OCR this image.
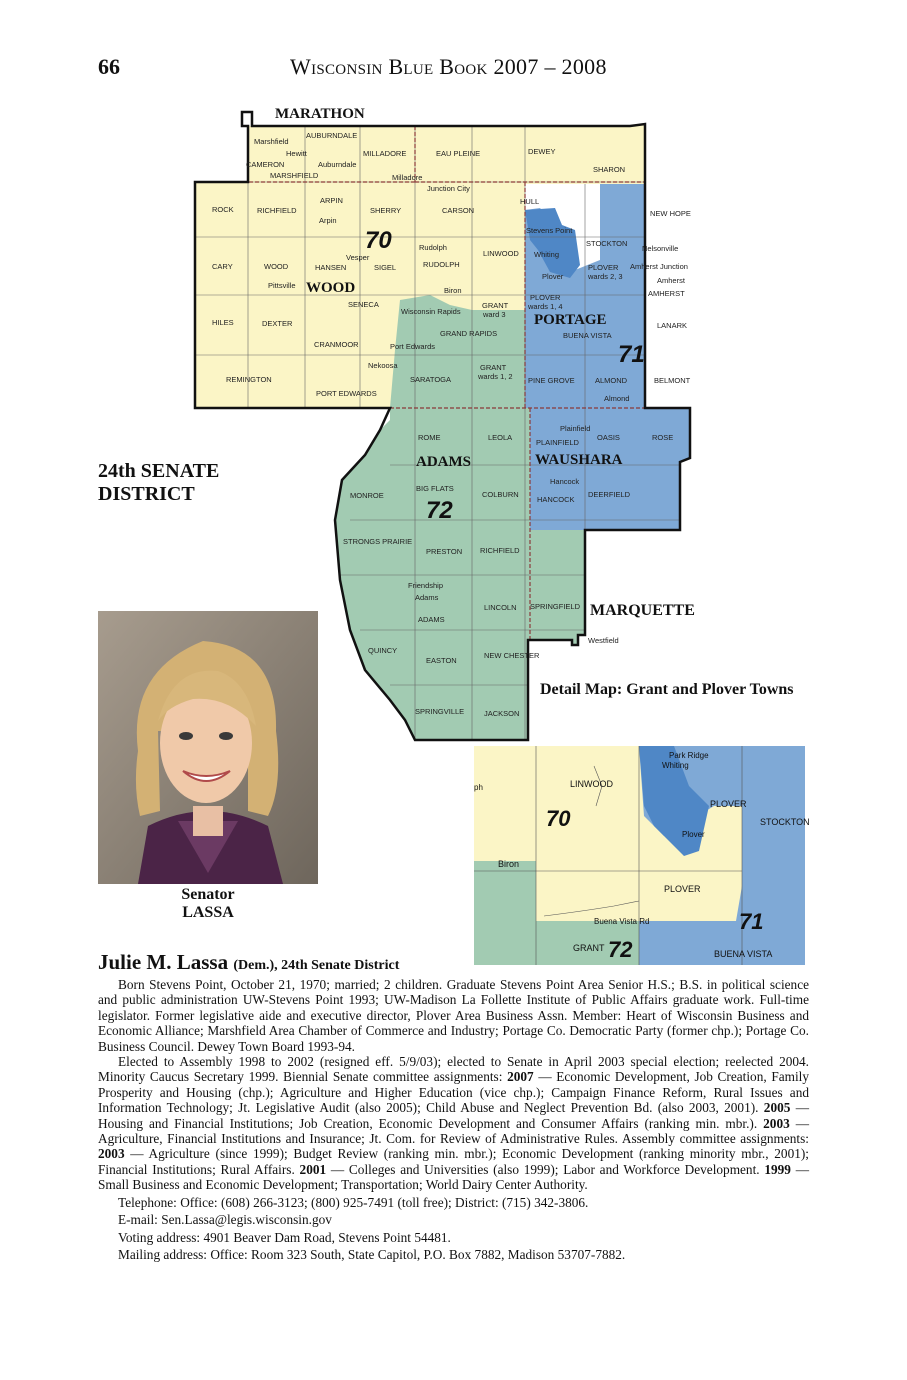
66	Wisconsin Blue Book 2007 – 2008
24th SENATE
DISTRICT
MARATHON
WOOD
PORTAGE
ADAMS	WAUSHARA
70
71
72
Marshfield
AUBURNDALE
Hewitt
CAMERON	Auburndale
MARSHFIELD
MILLADORE
Milladore
EAU PLEINE	DEWEY
SHARON
Junction City
ROCK	RICHFIELD
ARPIN
Arpin
SHERRY	CARSON
HULL
NEW HOPE
Stevens Point
CARY	WOOD	HANSEN
Vesper
SIGEL
Rudolph
RUDOLPH
LINWOOD Whiting
STOCKTON
Nelsonville
PLOVER
wards 2, 3
Amherst Junction
Pittsville
Biron
Plover	Amherst
AMHERST
SENECA	GRANT
ward 3
PLOVER
wards 1, 4
HILES	DEXTER
Wisconsin Rapids
GRAND RAPIDS	BUENA VISTA
LANARK
CRANMOOR	Port Edwards
Nekoosa	GRANT
wards 1, 2
REMINGTON	SARATOGA	PINE GROVE	ALMOND	BELMONT
PORT EDWARDS
Almond
Plainfield
ROME	LEOLA
PLAINFIELD
OASIS	ROSE
MONROE
BIG FLATS
COLBURN
Hancock
HANCOCK
DEERFIELD
STRONGS PRAIRIE
PRESTON RICHFIELD
Friendship
Adams
LINCOLN SPRINGFIELD
ADAMS
Westfield
QUINCY
EASTON
NEW CHESTER
SPRINGVILLE	JACKSON
MARQUETTE
Senator
LASSA
Detail Map: Grant and Plover Towns
LINWOOD
PLOVER
PLOVER
Plover
Whiting
Park Ridge
STOCKTON
Biron
GRANT
BUENA VISTA
Buena Vista Rd
ph
70
71
72
Julie M. Lassa (Dem.), 24th Senate District

Born Stevens Point, October 21, 1970; married; 2 children. Graduate Stevens Point Area Senior H.S.; B.S. in political science and public administration UW-Stevens Point 1993; UW-Madison La Follette Institute of Public Affairs graduate work. Full-time legislator. Former legislative aide and executive director, Plover Area Business Assn. Member: Heart of Wisconsin Business and Economic Alliance; Marshfield Area Chamber of Commerce and Industry; Portage Co. Democratic Party (former chp.); Portage Co. Business Council. Dewey Town Board 1993-94.

Elected to Assembly 1998 to 2002 (resigned eff. 5/9/03); elected to Senate in April 2003 special election; reelected 2004. Minority Caucus Secretary 1999. Biennial Senate committee assignments: 2007 — Economic Development, Job Creation, Family Prosperity and Housing (chp.); Agriculture and Higher Education (vice chp.); Campaign Finance Reform, Rural Issues and Information Technology; Jt. Legislative Audit (also 2005); Child Abuse and Neglect Prevention Bd. (also 2003, 2001). 2005 — Housing and Financial Institutions; Job Creation, Economic Development and Consumer Affairs (ranking min. mbr.). 2003 — Agriculture, Financial Institutions and Insurance; Jt. Com. for Review of Administrative Rules. Assembly committee assignments: 2003 — Agriculture (since 1999); Budget Review (ranking min. mbr.); Economic Development (ranking minority mbr., 2001); Financial Institutions; Rural Affairs. 2001 — Colleges and Universities (also 1999); Labor and Workforce Development. 1999 — Small Business and Economic Development; Transportation; World Dairy Center Authority.

Telephone: Office: (608) 266-3123; (800) 925-7491 (toll free); District: (715) 342-3806.

E-mail: Sen.Lassa@legis.wisconsin.gov

Voting address: 4901 Beaver Dam Road, Stevens Point 54481.

Mailing address: Office: Room 323 South, State Capitol, P.O. Box 7882, Madison 53707-7882.
